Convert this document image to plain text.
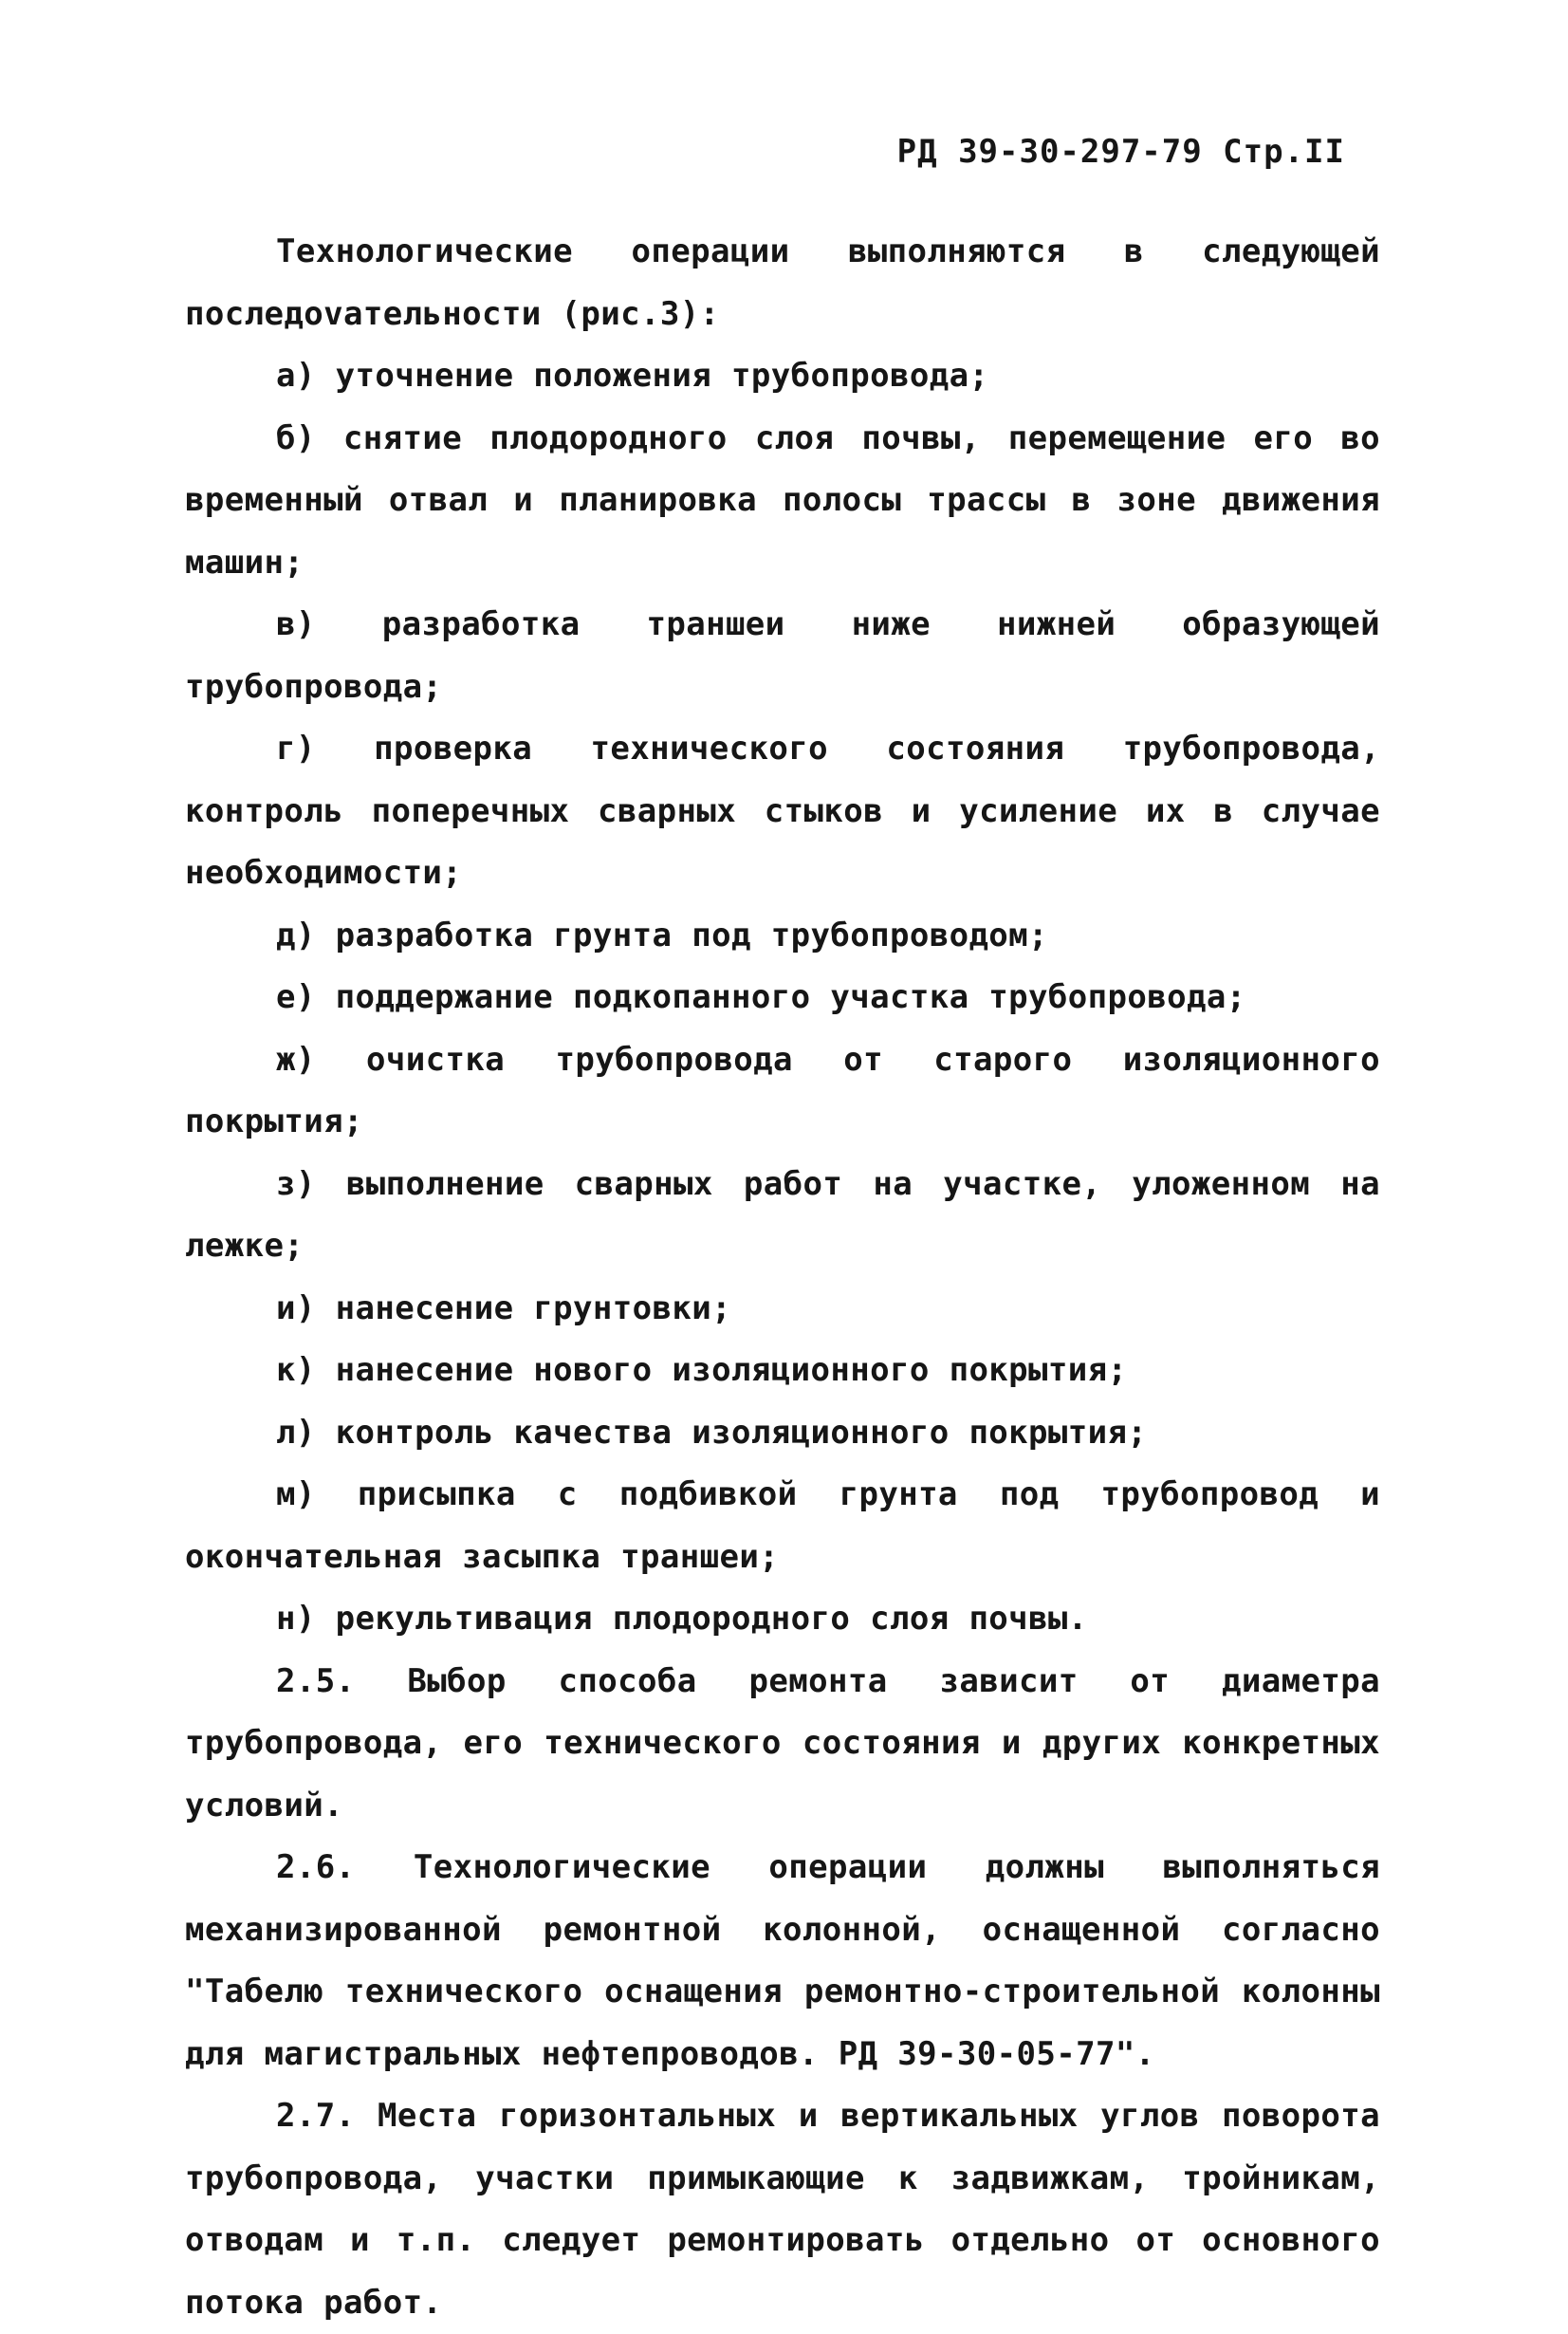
РД 39-30-297-79 Стр.II

Технологические операции выполняются в следующей последоvательности (рис.3):

а) уточнение положения трубопровода;

б) снятие плодородного слоя почвы, перемещение его во временный отвал и планировка полосы трассы в зоне движения машин;

в) разработка траншеи ниже нижней образующей трубопровода;

г) проверка технического состояния трубопровода, контроль поперечных сварных стыков и усиление их в случае необходимости;

д) разработка грунта под трубопроводом;

е) поддержание подкопанного участка трубопровода;

ж) очистка трубопровода от старого изоляционного покрытия;

з) выполнение сварных работ на участке, уложенном на лежке;

и) нанесение грунтовки;

к) нанесение нового изоляционного покрытия;

л) контроль качества изоляционного покрытия;

м) присыпка с подбивкой грунта под трубопровод и окончательная засыпка траншеи;

н) рекультивация плодородного слоя почвы.

2.5. Выбор способа ремонта зависит от диаметра трубопровода, его технического состояния и других конкретных условий.

2.6. Технологические операции должны выполняться механизированной ремонтной колонной, оснащенной согласно "Табелю технического оснащения ремонтно-строительной колонны для магистральных нефтепроводов. РД 39-30-05-77".

2.7. Места горизонтальных и вертикальных углов поворота трубопровода, участки примыкающие к задвижкам, тройникам, отводам и т.п. следует ремонтировать отдельно от основного потока работ.
